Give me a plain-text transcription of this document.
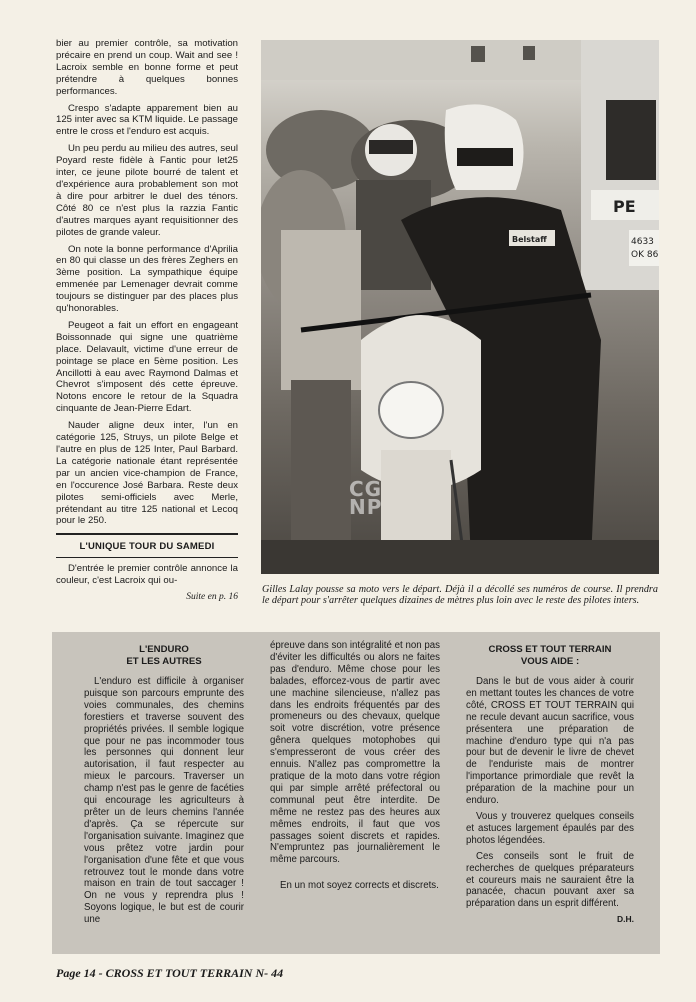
bier au premier contrôle, sa motivation précaire en prend un coup. Wait and see ! Lacroix semble en bonne forme et peut prétendre à quelques bonnes performances.

Crespo s'adapte apparement bien au 125 inter avec sa KTM liquide. Le passage entre le cross et l'enduro est acquis.

Un peu perdu au milieu des autres, seul Poyard reste fidèle à Fantic pour let25 inter, ce jeune pilote bourré de talent et d'expérience aura probablement son mot à dire pour arbitrer le duel des ténors. Côté 80 ce n'est plus la razzia Fantic d'autres marques ayant requisitionner des pilotes de grande valeur.

On note la bonne performance d'Aprilia en 80 qui classe un des frères Zeghers en 3ème position. La sympathique équipe emmenée par Lemenager devrait comme toujours se distinguer par des places plus qu'honorables.

Peugeot a fait un effort en engageant Boissonnade qui signe une quatrième place. Delavault, victime d'une erreur de pointage se place en 5ème position. Les Ancillotti à eau avec Raymond Dalmas et Chevrot s'imposent dés cette épreuve. Notons encore le retour de la Squadra cinquante de Jean-Pierre Edart.

Nauder aligne deux inter, l'un en catégorie 125, Struys, un pilote Belge et l'autre en plus de 125 Inter, Paul Barbard. La catégorie nationale étant représentée par un ancien vice-champion de France, en l'occurence José Barbara. Reste deux pilotes semi-officiels avec Merle, prétendant au titre 125 national et Lecoq pour le 250.

L'UNIQUE TOUR DU SAMEDI

D'entrée le premier contrôle annonce la couleur, c'est Lacroix qui ou-

Suite en p. 16
PE
4633
OK 86
Belstaff
CG
NP
Gilles Lalay pousse sa moto vers le départ. Déjà il a décollé ses numéros de course. Il prendra le départ pour s'arrêter quelques dizaines de mètres plus loin avec le reste des pilotes inters.
L'ENDURO
ET LES AUTRES

L'enduro est difficile à organiser puisque son parcours emprunte des voies communales, des chemins forestiers et traverse souvent des propriétés privées. Il semble logique que pour ne pas incommoder tous les personnes qui donnent leur autorisation, il faut respecter au mieux le parcours. Traverser un champ n'est pas le genre de facéties qui encourage les agriculteurs à prêter un de leurs chemins l'année d'après. Ça se répercute sur l'organisation suivante. Imaginez que vous prêtez votre jardin pour l'organisation d'une fête et que vous retrouvez tout le monde dans votre maison en train de tout saccager ! On ne vous y reprendra plus ! Soyons logique, le but est de courir une

épreuve dans son intégralité et non pas d'éviter les difficultés ou alors ne faites pas d'enduro. Même chose pour les balades, efforcez-vous de partir avec une machine silencieuse, n'allez pas dans les endroits fréquentés par des promeneurs ou des chevaux, quelque soit votre discrétion, votre présence gênera quelques motophobes qui s'empresseront de vous créer des ennuis. N'allez pas compromettre la pratique de la moto dans votre région qui par simple arrêté préfectoral ou communal peut être interdite. De même ne restez pas des heures aux mêmes endroits, il faut que vos passages soient discrets et rapides. N'empruntez pas journalièrement le même parcours.

En un mot soyez corrects et discrets.

CROSS ET TOUT TERRAIN
VOUS AIDE :

Dans le but de vous aider à courir en mettant toutes les chances de votre côté, CROSS ET TOUT TERRAIN qui ne recule devant aucun sacrifice, vous présentera une préparation de machine d'enduro type qui n'a pas pour but de devenir le livre de chevet de l'enduriste mais de montrer l'importance primordiale que revêt la préparation de la machine pour un enduro.

Vous y trouverez quelques conseils et astuces largement épaulés par des photos légendées.

Ces conseils sont le fruit de recherches de quelques préparateurs et coureurs mais ne sauraient être la panacée, chacun pouvant axer sa préparation dans un esprit différent.

D.H.
Page 14 - CROSS ET TOUT TERRAIN N- 44
